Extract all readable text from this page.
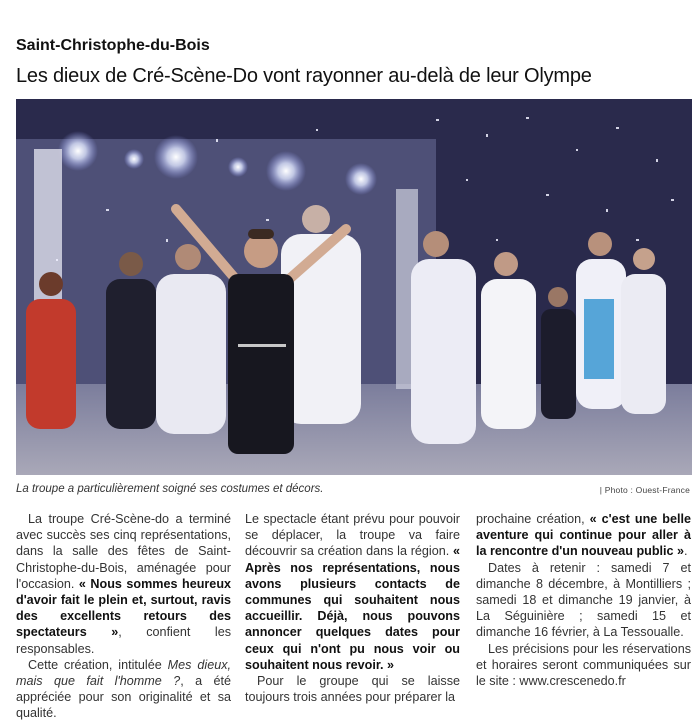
Saint-Christophe-du-Bois
Les dieux de Cré-Scène-Do vont rayonner au-delà de leur Olympe
La troupe a particulièrement soigné ses costumes et décors.	| Photo : Ouest-France

La troupe Cré-Scène-do a terminé avec succès ses cinq représentations, dans la salle des fêtes de Saint-Christophe-du-Bois, aménagée pour l'occasion. « Nous sommes heureux d'avoir fait le plein et, surtout, ravis des excellents retours des spectateurs », confient les responsables.

Cette création, intitulée Mes dieux, mais que fait l'homme ?, a été appréciée pour son originalité et sa qualité.

Le spectacle étant prévu pour pouvoir se déplacer, la troupe va faire découvrir sa création dans la région. « Après nos représentations, nous avons plusieurs contacts de communes qui souhaitent nous accueillir. Déjà, nous pouvons annoncer quelques dates pour ceux qui n'ont pu nous voir ou souhaitent nous revoir. »

Pour le groupe qui se laisse toujours trois années pour préparer la

prochaine création, « c'est une belle aventure qui continue pour aller à la rencontre d'un nouveau public ».

Dates à retenir : samedi 7 et dimanche 8 décembre, à Montilliers ; samedi 18 et dimanche 19 janvier, à La Séguinière ; samedi 15 et dimanche 16 février, à La Tessoualle.

Les précisions pour les réservations et horaires seront communiquées sur le site : www.crescenedo.fr
